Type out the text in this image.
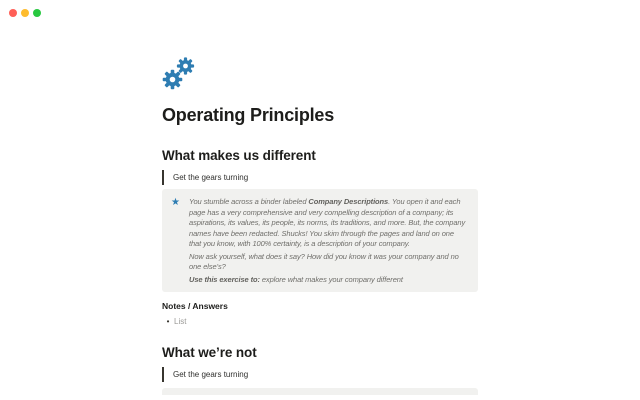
Operating Principles
What makes us different
Get the gears turning
★	You stumble across a binder labeled Company Descriptions. You open it and each page has a very comprehensive and very compelling description of a company; its aspirations, its values, its people, its norms, its traditions, and more. But, the company names have been redacted. Shucks! You skim through the pages and land on one that you know, with 100% certainty, is a description of your company.

Now ask yourself, what does it say? How did you know it was your company and no one else’s?

Use this exercise to: explore what makes your company different

Notes / Answers
• List
What we’re not
Get the gears turning
